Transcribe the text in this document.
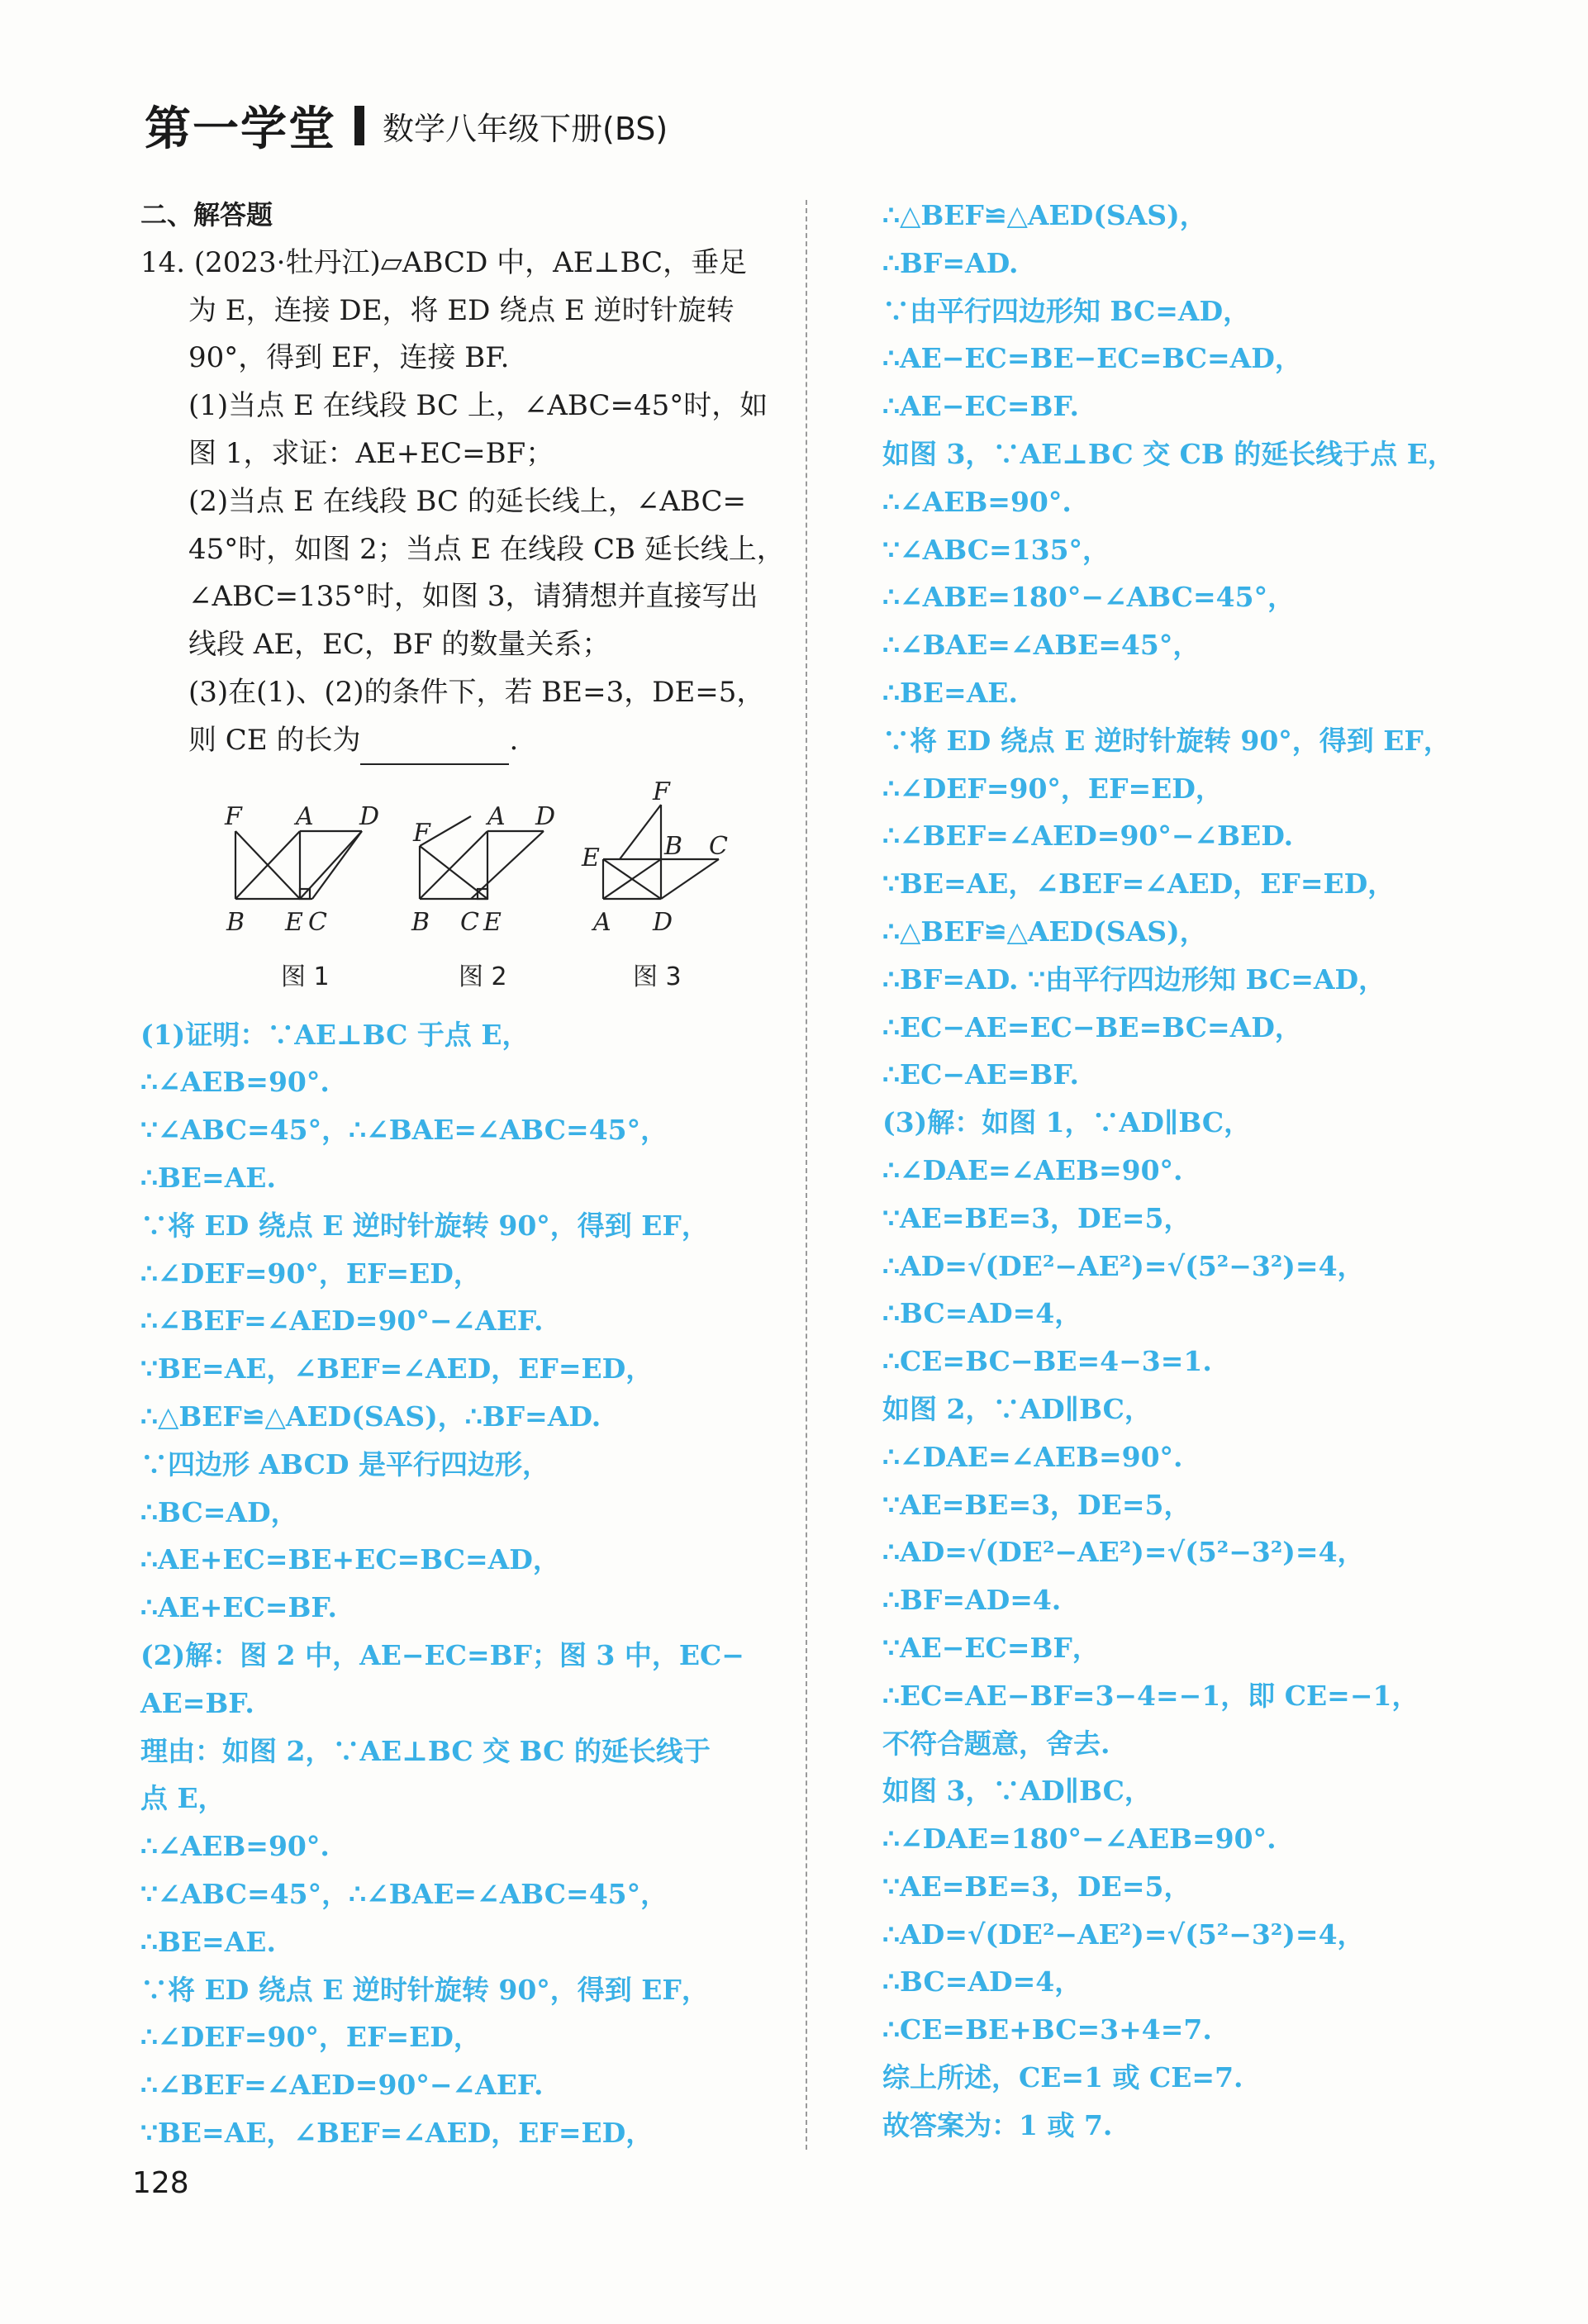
第一学堂 数学八年级下册(BS)
二、解答题
14. (2023·牡丹江)▱ABCD 中，AE⊥BC，垂足
为 E，连接 DE，将 ED 绕点 E 逆时针旋转
90°，得到 EF，连接 BF.
(1)当点 E 在线段 BC 上，∠ABC=45°时，如
图 1，求证：AE+EC=BF；
(2)当点 E 在线段 BC 的延长线上，∠ABC=
45°时，如图 2；当点 E 在线段 CB 延长线上，
∠ABC=135°时，如图 3，请猜想并直接写出
线段 AE，EC，BF 的数量关系；
(3)在(1)、(2)的条件下，若 BE=3，DE=5，
则 CE 的长为	.
F A D
B E C
F
A D
B C E
F
E	B C
A D
图 1	图 2	图 3
(1)证明：∵AE⊥BC 于点 E，
∴∠AEB=90°.
∵∠ABC=45°，∴∠BAE=∠ABC=45°，
∴BE=AE.
∵将 ED 绕点 E 逆时针旋转 90°，得到 EF，
∴∠DEF=90°，EF=ED，
∴∠BEF=∠AED=90°−∠AEF.
∵BE=AE，∠BEF=∠AED，EF=ED，
∴△BEF≌△AED(SAS)，∴BF=AD.
∵四边形 ABCD 是平行四边形，
∴BC=AD，
∴AE+EC=BE+EC=BC=AD，
∴AE+EC=BF.
(2)解：图 2 中，AE−EC=BF；图 3 中，EC−
AE=BF.
理由：如图 2，∵AE⊥BC 交 BC 的延长线于
点 E，
∴∠AEB=90°.
∵∠ABC=45°，∴∠BAE=∠ABC=45°，
∴BE=AE.
∵将 ED 绕点 E 逆时针旋转 90°，得到 EF，
∴∠DEF=90°，EF=ED，
∴∠BEF=∠AED=90°−∠AEF.
∵BE=AE，∠BEF=∠AED，EF=ED，
∴△BEF≌△AED(SAS)，
∴BF=AD.
∵由平行四边形知 BC=AD，
∴AE−EC=BE−EC=BC=AD，
∴AE−EC=BF.
如图 3，∵AE⊥BC 交 CB 的延长线于点 E，
∴∠AEB=90°.
∵∠ABC=135°，
∴∠ABE=180°−∠ABC=45°，
∴∠BAE=∠ABE=45°，
∴BE=AE.
∵将 ED 绕点 E 逆时针旋转 90°，得到 EF，
∴∠DEF=90°，EF=ED，
∴∠BEF=∠AED=90°−∠BED.
∵BE=AE，∠BEF=∠AED，EF=ED，
∴△BEF≌△AED(SAS)，
∴BF=AD. ∵由平行四边形知 BC=AD，
∴EC−AE=EC−BE=BC=AD，
∴EC−AE=BF.
(3)解：如图 1，∵AD∥BC，
∴∠DAE=∠AEB=90°.
∵AE=BE=3，DE=5，
∴AD=√(DE²−AE²)=√(5²−3²)=4，
∴BC=AD=4，
∴CE=BC−BE=4−3=1.
如图 2，∵AD∥BC，
∴∠DAE=∠AEB=90°.
∵AE=BE=3，DE=5，
∴AD=√(DE²−AE²)=√(5²−3²)=4，
∴BF=AD=4.
∵AE−EC=BF，
∴EC=AE−BF=3−4=−1，即 CE=−1，
不符合题意，舍去.
如图 3，∵AD∥BC，
∴∠DAE=180°−∠AEB=90°.
∵AE=BE=3，DE=5，
∴AD=√(DE²−AE²)=√(5²−3²)=4，
∴BC=AD=4，
∴CE=BE+BC=3+4=7.
综上所述，CE=1 或 CE=7.
故答案为：1 或 7.
128
